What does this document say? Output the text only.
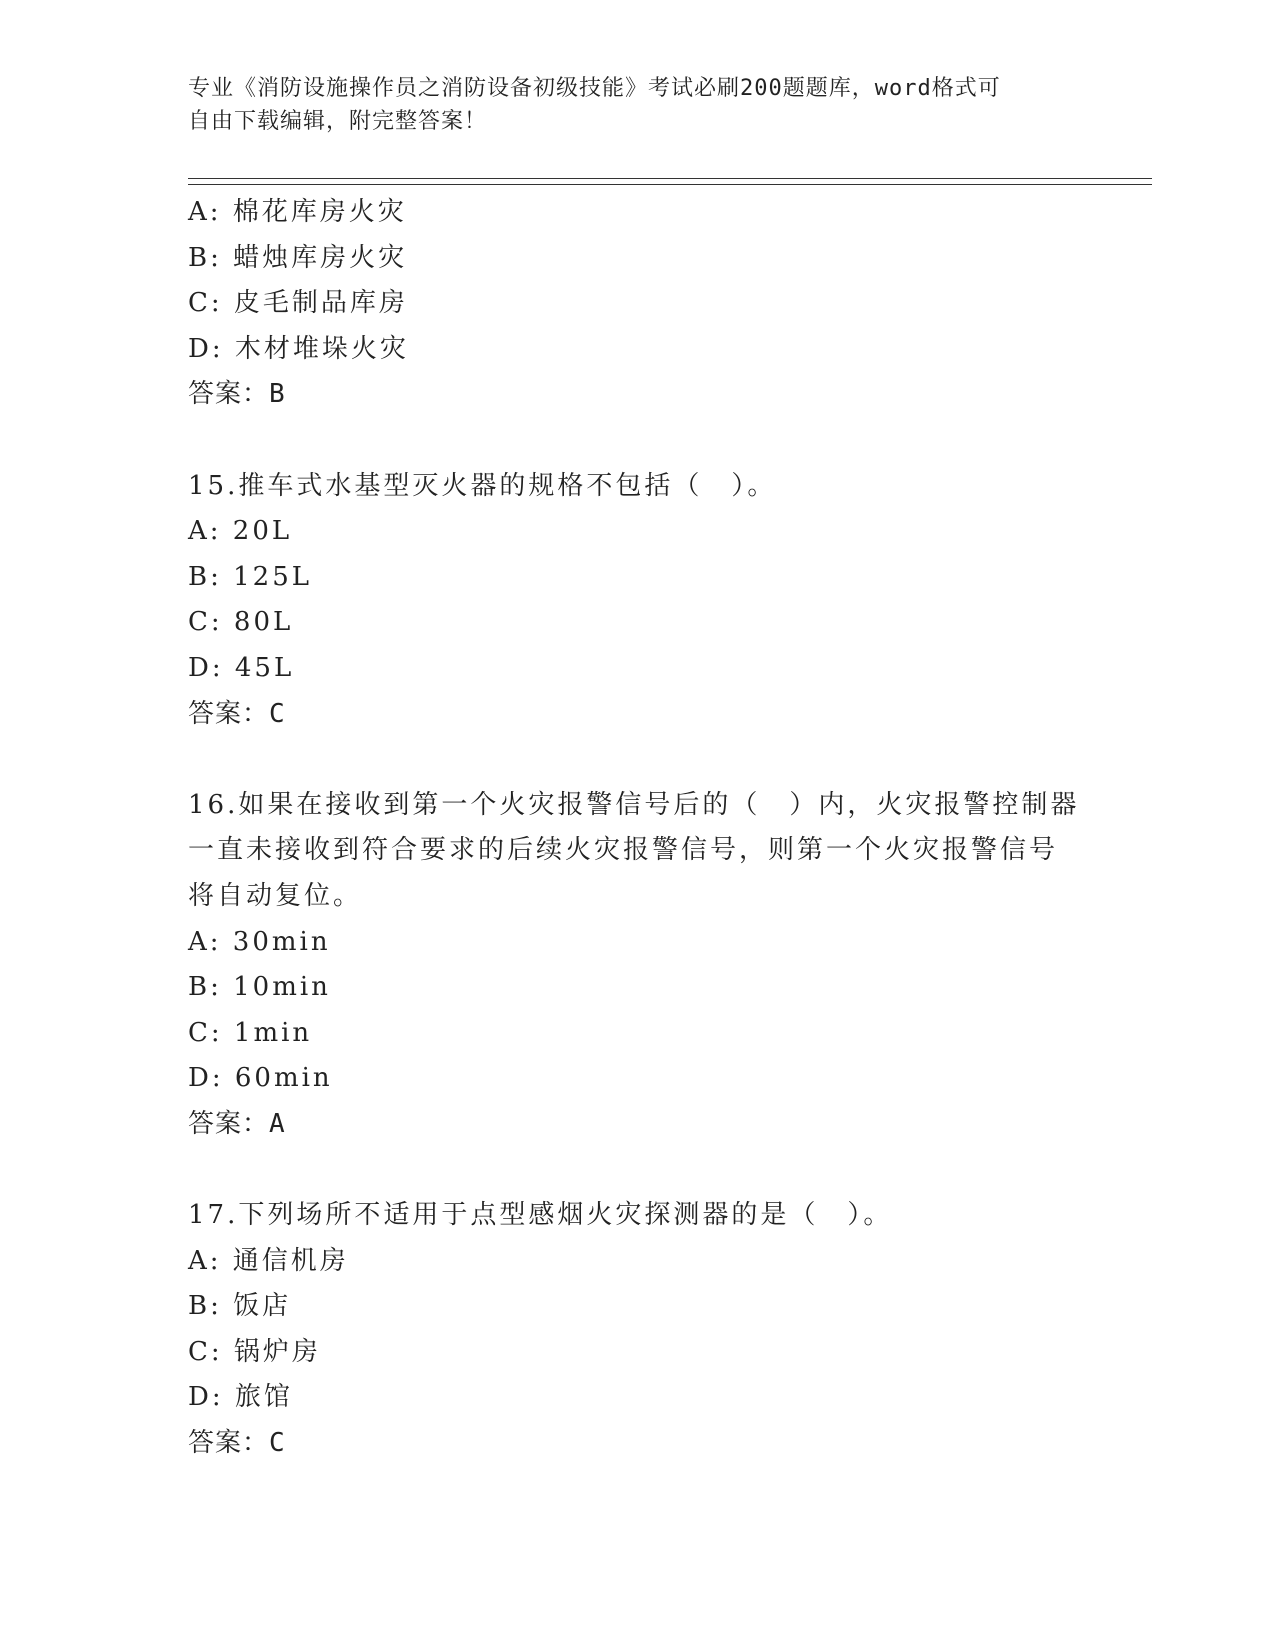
专业《消防设施操作员之消防设备初级技能》考试必刷200题题库，word格式可
自由下载编辑，附完整答案！
A: 棉花库房火灾
B: 蜡烛库房火灾
C: 皮毛制品库房
D: 木材堆垛火灾
答案：B
15.推车式水基型灭火器的规格不包括（　）。
A: 20L
B: 125L
C: 80L
D: 45L
答案：C
16.如果在接收到第一个火灾报警信号后的（　）内，火灾报警控制器
一直未接收到符合要求的后续火灾报警信号，则第一个火灾报警信号
将自动复位。
A: 30min
B: 10min
C: 1min
D: 60min
答案：A
17.下列场所不适用于点型感烟火灾探测器的是（　）。
A: 通信机房
B: 饭店
C: 锅炉房
D: 旅馆
答案：C
